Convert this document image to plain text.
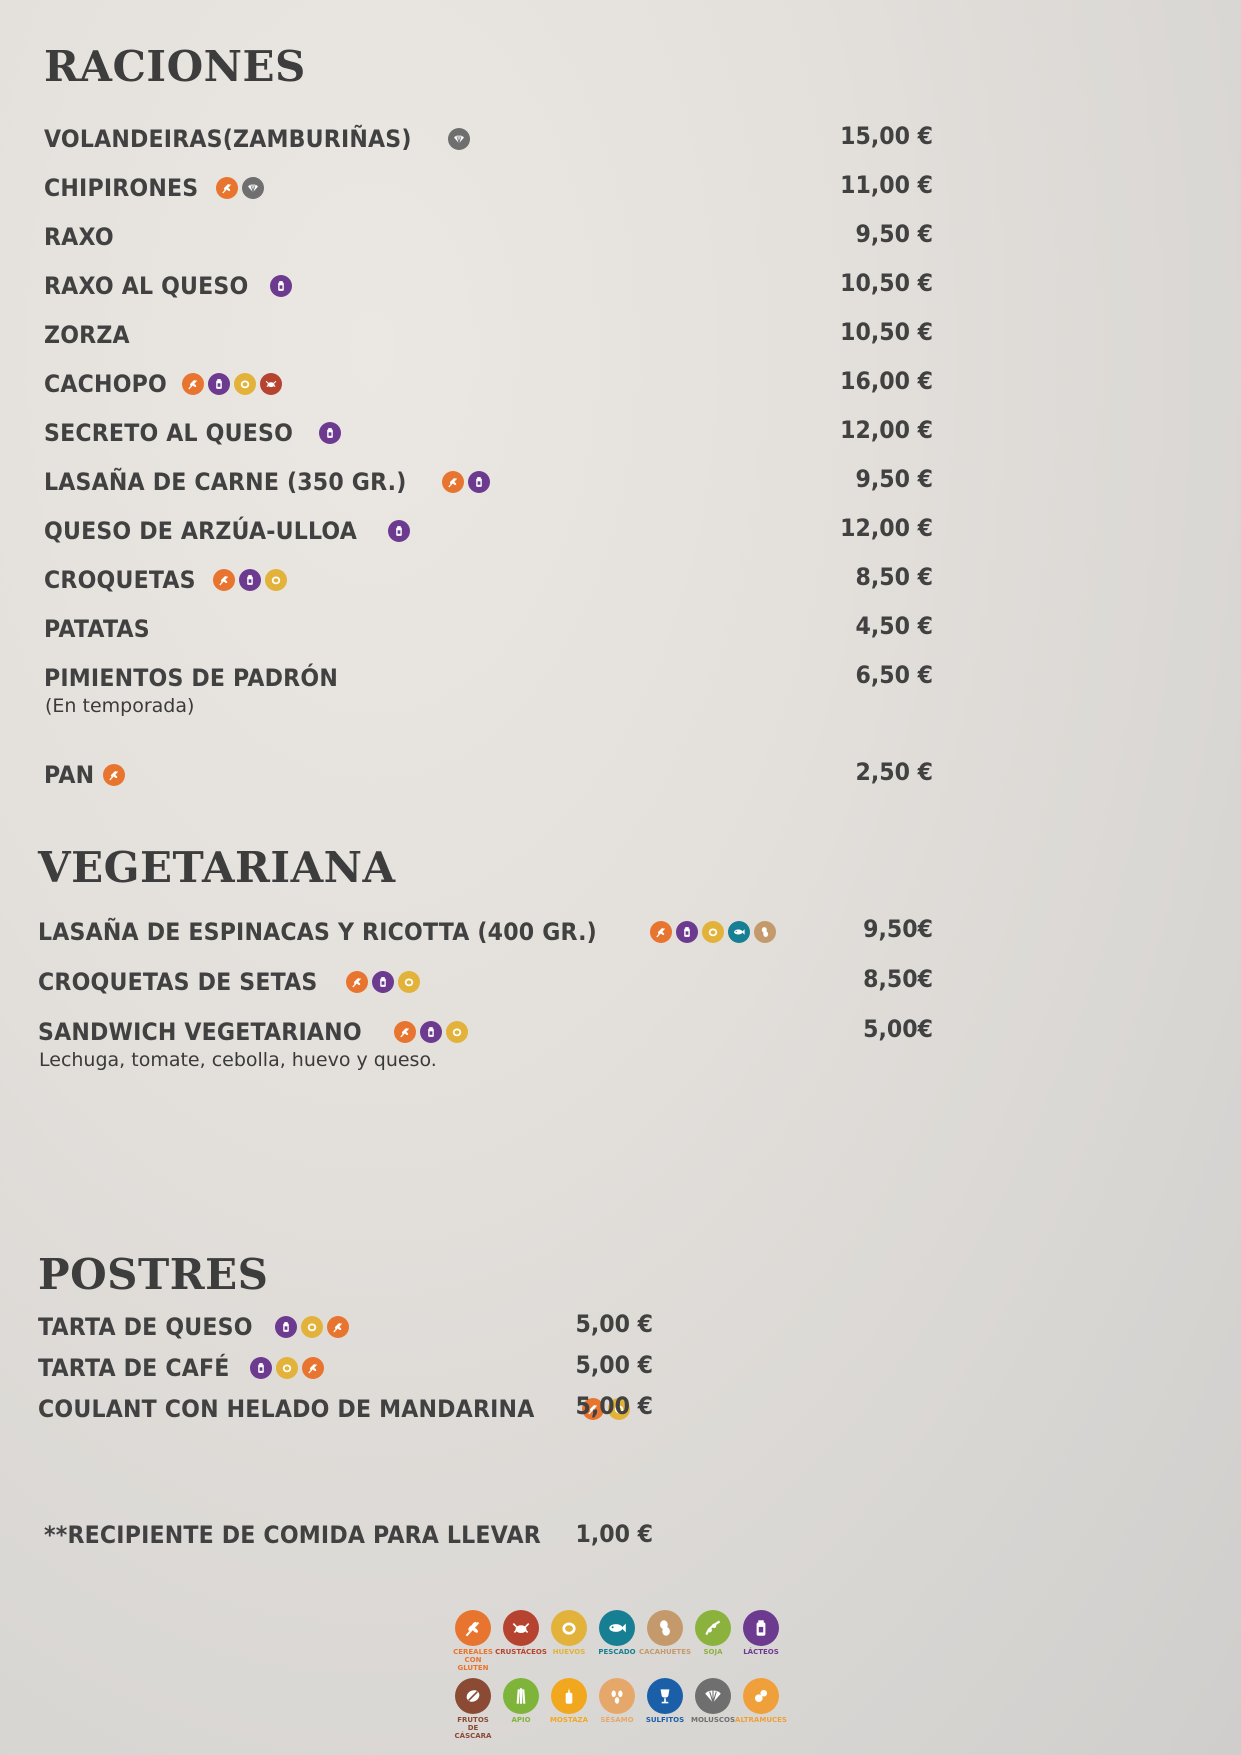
RACIONES
VEGETARIANA
POSTRES
VOLANDEIRAS(ZAMBURIÑAS)	15,00 €
CHIPIRONES	11,00 €
RAXO	9,50 €
RAXO AL QUESO	10,50 €
ZORZA	10,50 €
CACHOPO	16,00 €
SECRETO AL QUESO	12,00 €
LASAÑA DE CARNE (350 GR.)	9,50 €
QUESO DE ARZÚA-ULLOA	12,00 €
CROQUETAS	8,50 €
PATATAS	4,50 €
PIMIENTOS DE PADRÓN	6,50 €
(En temporada)
PAN	2,50 €
LASAÑA DE ESPINACAS Y RICOTTA (400 GR.)	9,50€
CROQUETAS DE SETAS	8,50€
SANDWICH VEGETARIANO	5,00€
Lechuga, tomate, cebolla, huevo y queso.
TARTA DE QUESO	5,00 €
TARTA DE CAFÉ	5,00 €
COULANT CON HELADO DE MANDARINA	5,00 €
**RECIPIENTE DE COMIDA PARA LLEVAR	1,00 €
CEREALES CON GLUTEN
CRUSTÁCEOS HUEVOS PESCADO CACAHUETES SOJA	LÁCTEOS
FRUTOS DE CÁSCARA
APIO	MOSTAZA SÉSAMO SULFITOS MOLUSCOS ALTRAMUCES
